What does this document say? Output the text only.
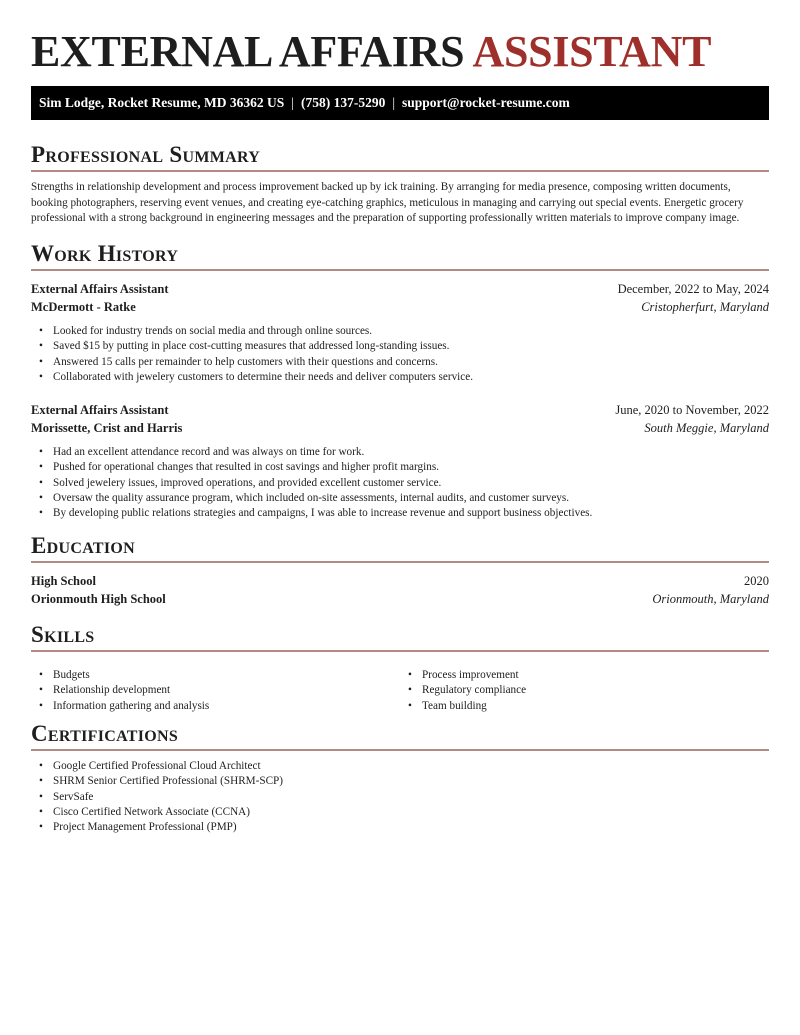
EXTERNAL AFFAIRS ASSISTANT
Sim Lodge, Rocket Resume, MD 36362 US | (758) 137-5290 | support@rocket-resume.com
Professional Summary

Strengths in relationship development and process improvement backed up by ick training. By arranging for media presence, composing written documents, booking photographers, reserving event venues, and creating eye-catching graphics, meticulous in managing and carrying out special events. Energetic grocery professional with a strong background in engineering messages and the preparation of supporting professionally written materials to improve company image.

Work History
External Affairs Assistant	December, 2022 to May, 2024
McDermott - Ratke	Cristopherfurt, Maryland
• Looked for industry trends on social media and through online sources.
• Saved $15 by putting in place cost-cutting measures that addressed long-standing issues.
• Answered 15 calls per remainder to help customers with their questions and concerns.
• Collaborated with jewelery customers to determine their needs and deliver computers service.
External Affairs Assistant	June, 2020 to November, 2022
Morissette, Crist and Harris	South Meggie, Maryland
• Had an excellent attendance record and was always on time for work.
• Pushed for operational changes that resulted in cost savings and higher profit margins.
• Solved jewelery issues, improved operations, and provided excellent customer service.
• Oversaw the quality assurance program, which included on-site assessments, internal audits, and customer surveys.
• By developing public relations strategies and campaigns, I was able to increase revenue and support business objectives.
Education
High School	2020
Orionmouth High School	Orionmouth, Maryland
Skills
• Budgets
• Relationship development
• Information gathering and analysis
• Process improvement
• Regulatory compliance
• Team building
Certifications
• Google Certified Professional Cloud Architect
• SHRM Senior Certified Professional (SHRM-SCP)
• ServSafe
• Cisco Certified Network Associate (CCNA)
• Project Management Professional (PMP)
